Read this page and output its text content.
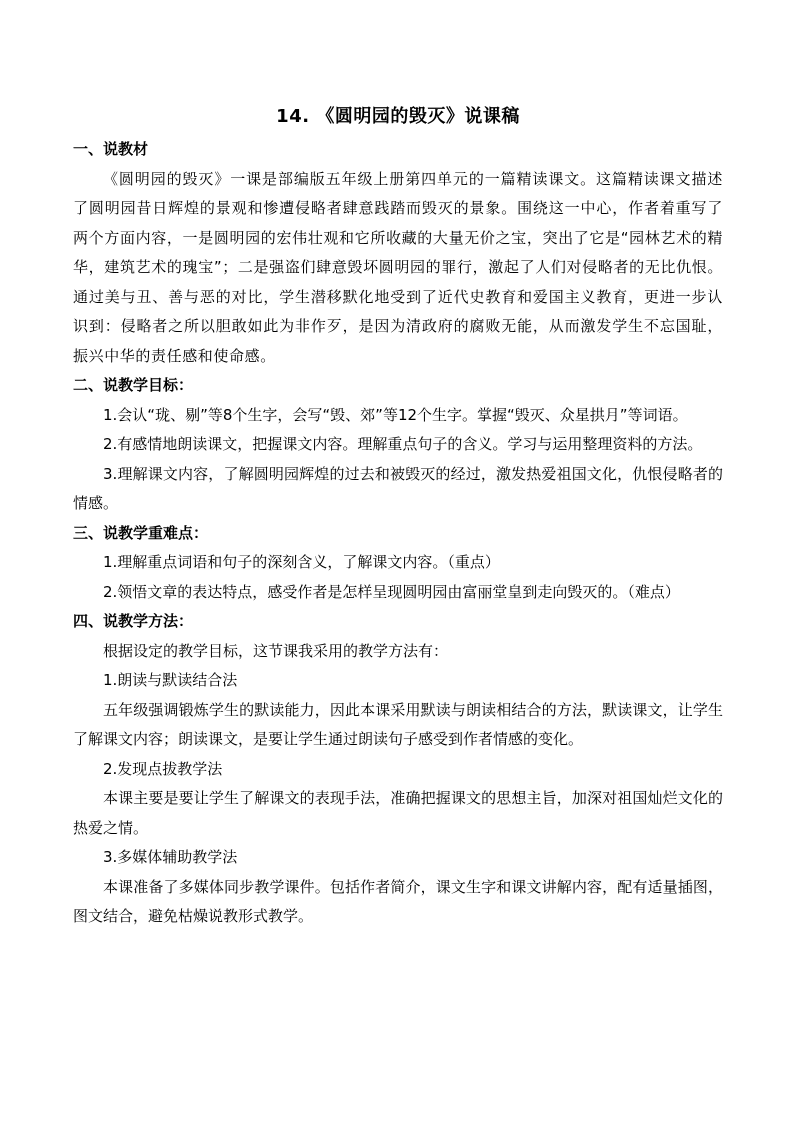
14. 《圆明园的毁灭》说课稿

一、说教材

《圆明园的毁灭》一课是部编版五年级上册第四单元的一篇精读课文。这篇精读课文描述了圆明园昔日辉煌的景观和惨遭侵略者肆意践踏而毁灭的景象。围绕这一中心，作者着重写了两个方面内容，一是圆明园的宏伟壮观和它所收藏的大量无价之宝，突出了它是“园林艺术的精华，建筑艺术的瑰宝”；二是强盗们肆意毁坏圆明园的罪行，激起了人们对侵略者的无比仇恨。通过美与丑、善与恶的对比，学生潜移默化地受到了近代史教育和爱国主义教育，更进一步认识到：侵略者之所以胆敢如此为非作歹，是因为清政府的腐败无能，从而激发学生不忘国耻，振兴中华的责任感和使命感。

二、说教学目标：

1.会认“珑、剔”等8个生字，会写“毁、郊”等12个生字。掌握“毁灭、众星拱月”等词语。

2.有感情地朗读课文，把握课文内容。理解重点句子的含义。学习与运用整理资料的方法。

3.理解课文内容，了解圆明园辉煌的过去和被毁灭的经过，激发热爱祖国文化，仇恨侵略者的情感。

三、说教学重难点：

1.理解重点词语和句子的深刻含义，了解课文内容。（重点）

2.领悟文章的表达特点，感受作者是怎样呈现圆明园由富丽堂皇到走向毁灭的。（难点）

四、说教学方法：

根据设定的教学目标，这节课我采用的教学方法有：

1.朗读与默读结合法

五年级强调锻炼学生的默读能力，因此本课采用默读与朗读相结合的方法，默读课文，让学生了解课文内容；朗读课文，是要让学生通过朗读句子感受到作者情感的变化。

2.发现点拔教学法

本课主要是要让学生了解课文的表现手法，准确把握课文的思想主旨，加深对祖国灿烂文化的热爱之情。

3.多媒体辅助教学法

本课准备了多媒体同步教学课件。包括作者简介，课文生字和课文讲解内容，配有适量插图，图文结合，避免枯燥说教形式教学。
